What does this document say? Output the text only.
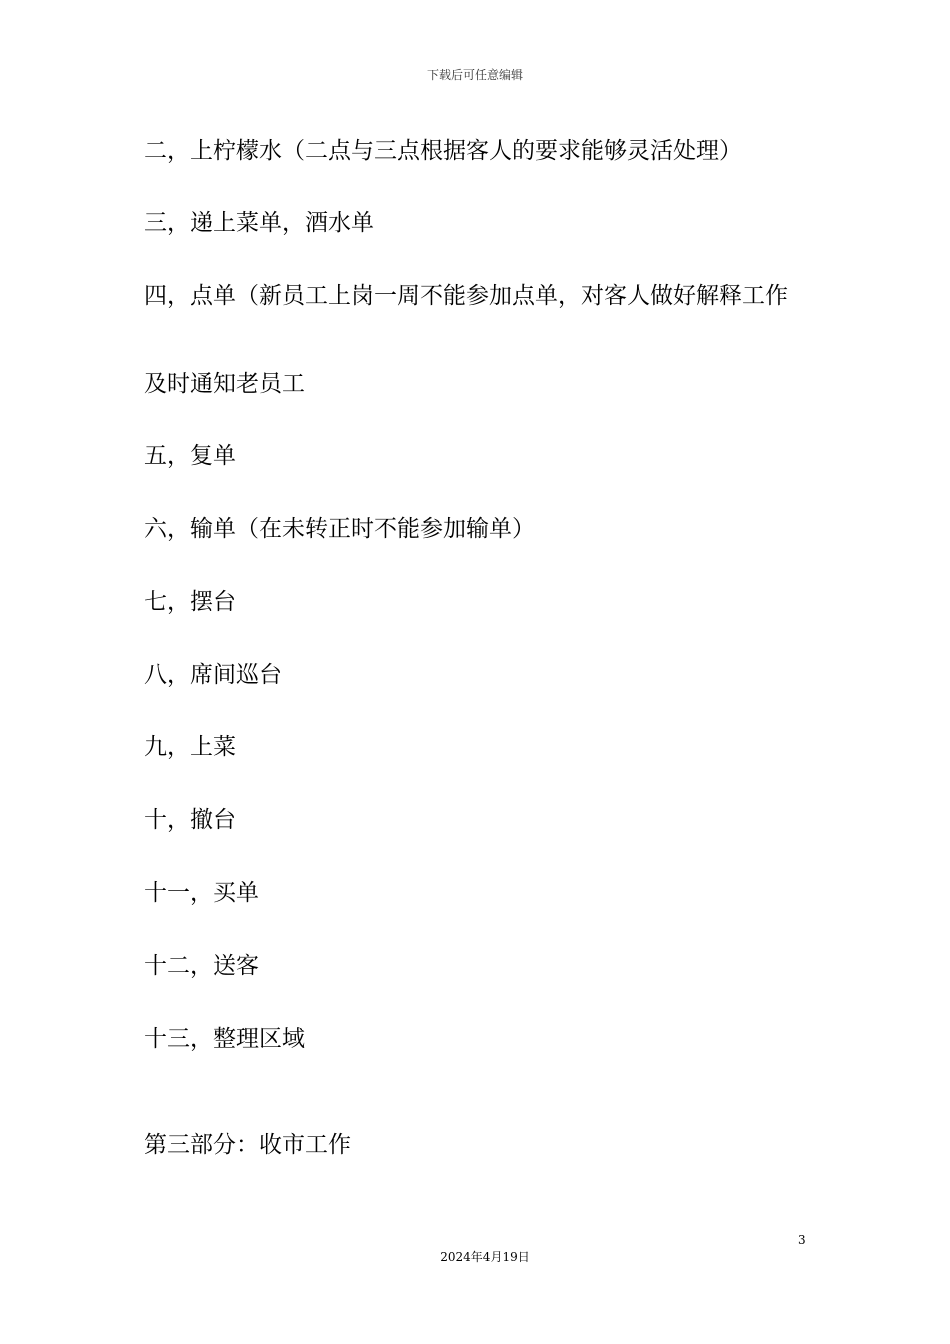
下载后可任意编辑
二，上柠檬水（二点与三点根据客人的要求能够灵活处理）
三，递上菜单，酒水单
四，点单（新员工上岗一周不能参加点单，对客人做好解释工作
及时通知老员工
五，复单
六，输单（在未转正时不能参加输单）
七，摆台
八，席间巡台
九，上菜
十，撤台
十一，买单
十二，送客
十三，整理区域
第三部分：收市工作
3
2024年4月19日
